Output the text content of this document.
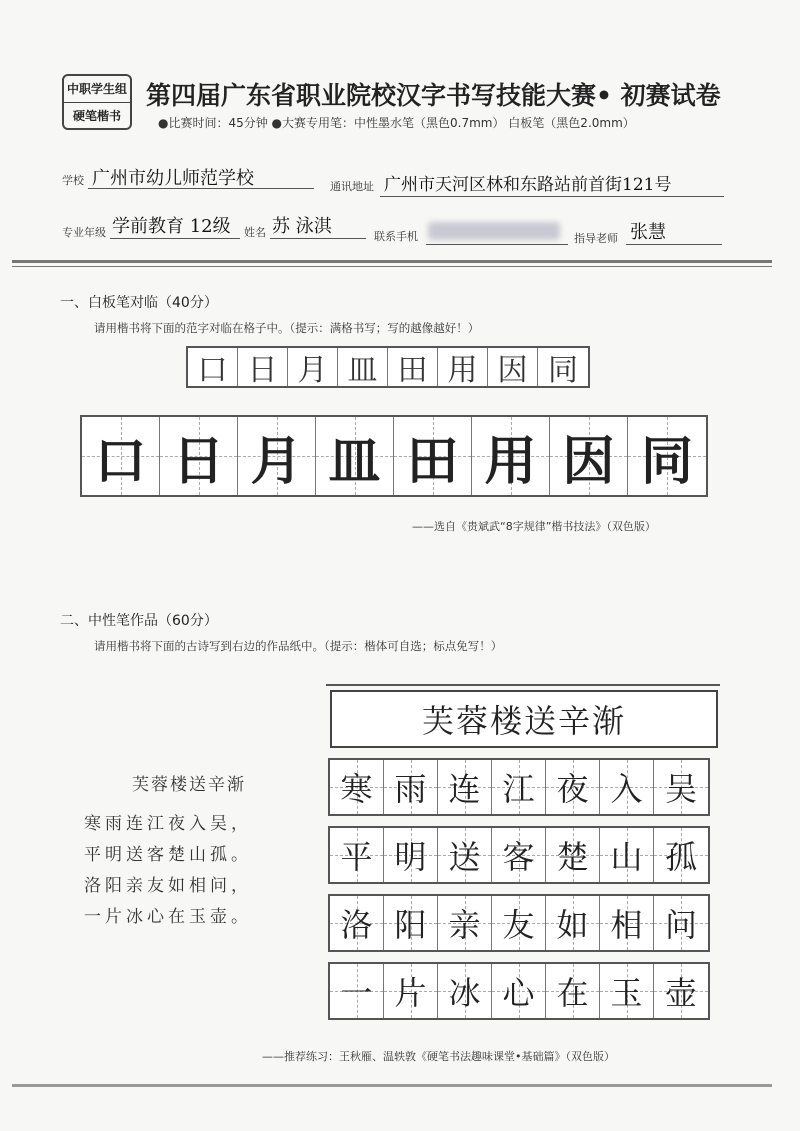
中职学生组
硬笔楷书
第四届广东省职业院校汉字书写技能大赛• 初赛试卷
●比赛时间：45分钟 ●大赛专用笔：中性墨水笔（黑色0.7mm） 白板笔（黑色2.0mm）
学校 广州市幼儿师范学校	通讯地址 广州市天河区林和东路站前首街121号
专业年级 学前教育 12级 姓名 苏 泳淇	联系手机	指导老师 张慧
一、白板笔对临（40分）
请用楷书将下面的范字对临在格子中。（提示：满格书写；写的越像越好！）
口 日 月 皿 田 用 因 同
口 日 月 皿 田 用 因 同
——选自《贵斌武“8字规律”楷书技法》（双色版）
二、中性笔作品（60分）
请用楷书将下面的古诗写到右边的作品纸中。（提示：楷体可自选；标点免写！）
芙蓉楼送辛渐
寒雨连江夜入吴，
平明送客楚山孤。
洛阳亲友如相问，
一片冰心在玉壶。
芙蓉楼送辛渐
寒 雨 连 江 夜 入 吴
平 明 送 客 楚 山 孤
洛 阳 亲 友 如 相 问
一 片 冰 心 在 玉 壶
——推荐练习：王秋雁、温轶敦《硬笔书法趣味课堂•基础篇》（双色版）
